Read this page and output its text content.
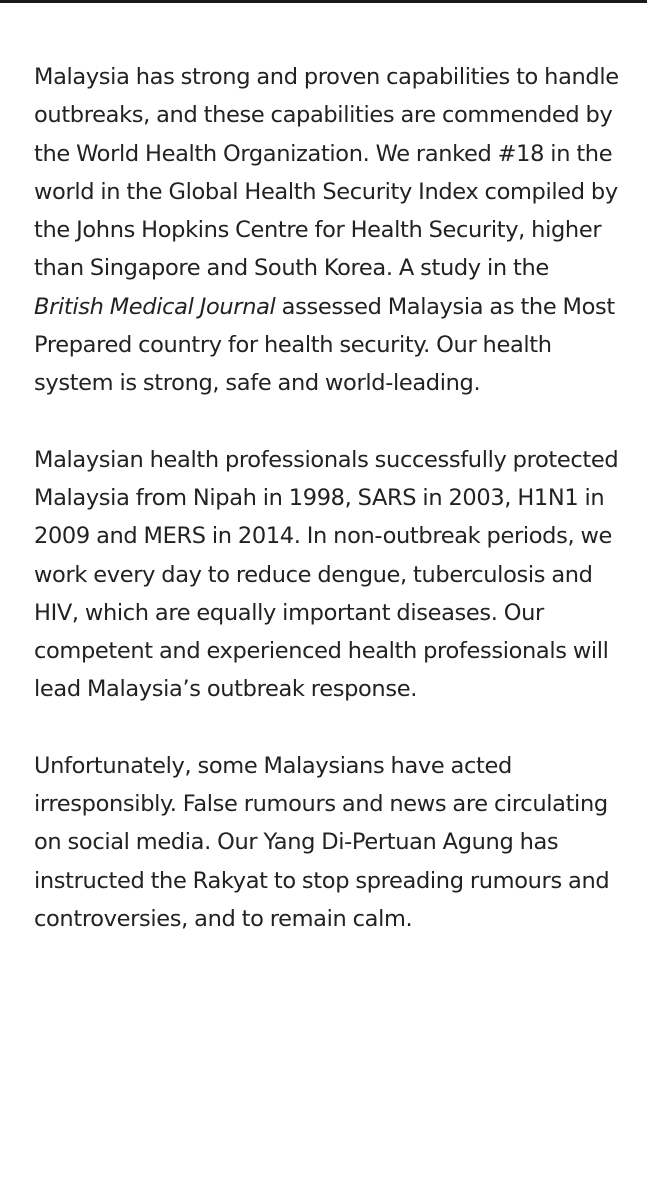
Malaysia has strong and proven capabilities to handle outbreaks, and these capabilities are commended by the World Health Organization. We ranked #18 in the world in the Global Health Security Index compiled by the Johns Hopkins Centre for Health Security, higher than Singapore and South Korea. A study in the British Medical Journal assessed Malaysia as the Most Prepared country for health security. Our health system is strong, safe and world-leading.

Malaysian health professionals successfully protected Malaysia from Nipah in 1998, SARS in 2003, H1N1 in 2009 and MERS in 2014. In non-outbreak periods, we work every day to reduce dengue, tuberculosis and HIV, which are equally important diseases. Our competent and experienced health professionals will lead Malaysia’s outbreak response.

Unfortunately, some Malaysians have acted irresponsibly. False rumours and news are circulating on social media. Our Yang Di-Pertuan Agung has instructed the Rakyat to stop spreading rumours and controversies, and to remain calm.
